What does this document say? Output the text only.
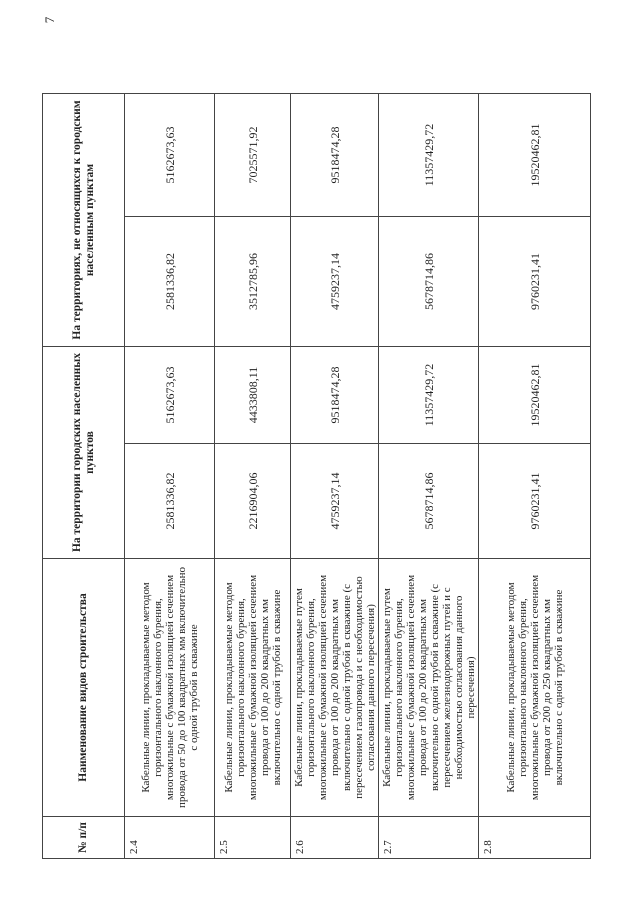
7
№ п/п	Наименование видов строительства	На территории городских населенных пунктов		На территориях, не относящихся к городским населенным пунктам	
2.4	Кабельные линии, прокладываемые методом горизонтального наклонного бурения, многожильные с бумажной изоляцией сечением провода от 50 до 100 квадратных мм включительно с одной трубой в скважине	2581336,82	5162673,63	2581336,82	5162673,63
2.5	Кабельные линии, прокладываемые методом горизонтального наклонного бурения, многожильные с бумажной изоляцией сечением провода от 100 до 200 квадратных мм включительно с одной трубой в скважине	2216904,06	4433808,11	3512785,96	7025571,92
2.6	Кабельные линии, прокладываемые путем горизонтального наклонного бурения, многожильные с бумажной изоляцией сечением провода от 100 до 200 квадратных мм включительно с одной трубой в скважине (с пересечением газопровода и с необходимостью согласования данного пересечения)	4759237,14	9518474,28	4759237,14	9518474,28
2.7	Кабельные линии, прокладываемые путем горизонтального наклонного бурения, многожильные с бумажной изоляцией сечением провода от 100 до 200 квадратных мм включительно с одной трубой в скважине (с пересечением железнодорожных путей и с необходимостью согласования данного пересечения)	5678714,86	11357429,72	5678714,86	11357429,72
2.8	Кабельные линии, прокладываемые методом горизонтального наклонного бурения, многожильные с бумажной изоляцией сечением провода от 200 до 250 квадратных мм включительно с одной трубой в скважине	9760231,41	19520462,81	9760231,41	19520462,81
